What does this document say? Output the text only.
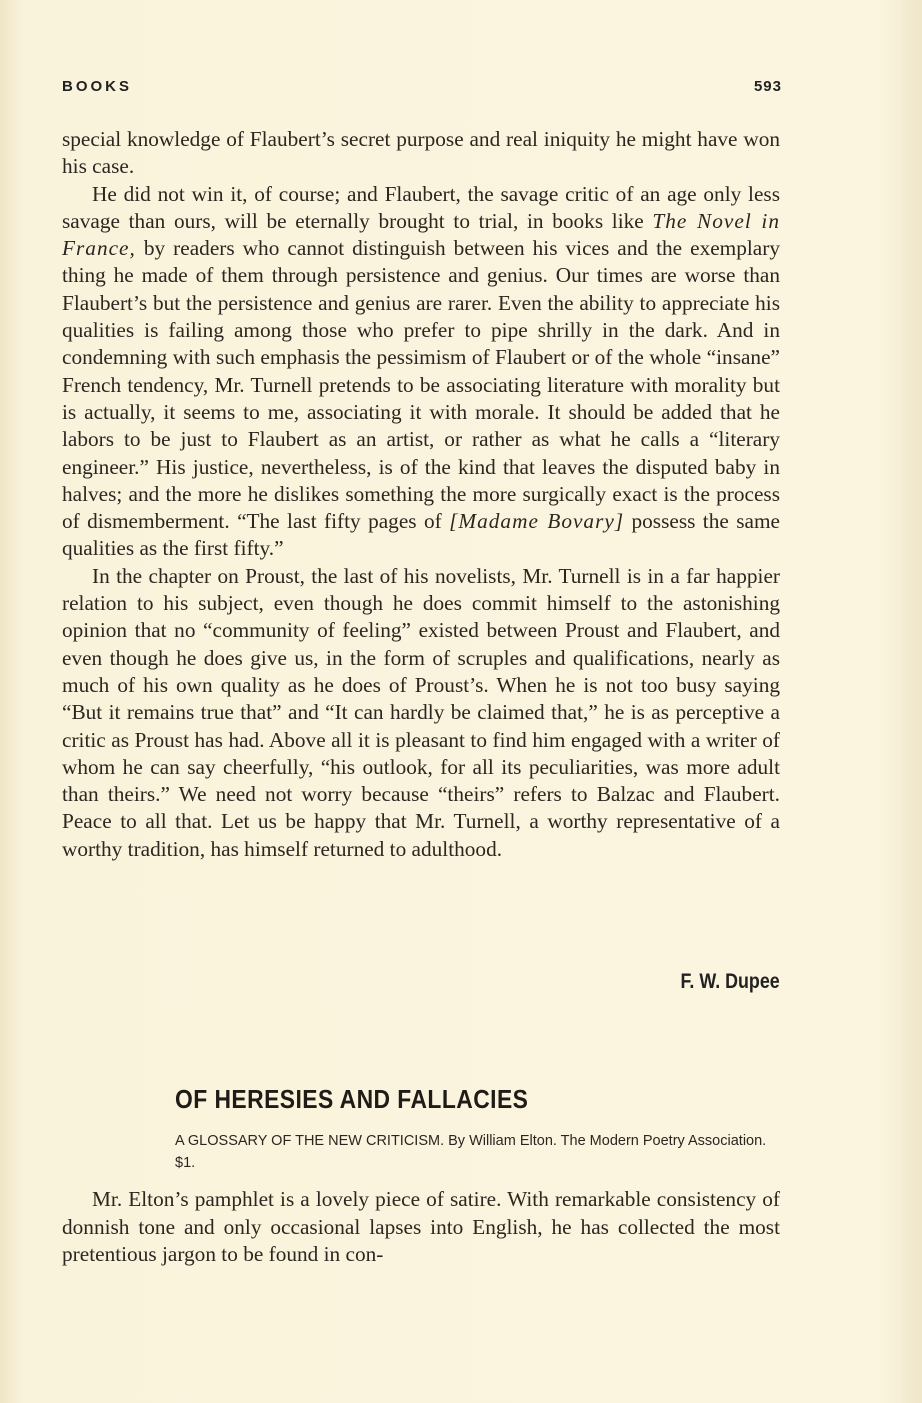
BOOKS	593

special knowledge of Flaubert’s secret purpose and real iniquity he might have won his case.

He did not win it, of course; and Flaubert, the savage critic of an age only less savage than ours, will be eternally brought to trial, in books like The Novel in France, by readers who cannot distinguish between his vices and the exemplary thing he made of them through persistence and genius. Our times are worse than Flaubert’s but the persistence and genius are rarer. Even the ability to appreciate his qualities is failing among those who prefer to pipe shrilly in the dark. And in condemning with such emphasis the pessimism of Flaubert or of the whole “insane” French tendency, Mr. Turnell pretends to be associating literature with morality but is actually, it seems to me, associating it with morale. It should be added that he labors to be just to Flaubert as an artist, or rather as what he calls a “literary engineer.” His justice, nevertheless, is of the kind that leaves the disputed baby in halves; and the more he dislikes something the more surgically exact is the process of dismemberment. “The last fifty pages of [Madame Bovary] possess the same qualities as the first fifty.”

In the chapter on Proust, the last of his novelists, Mr. Turnell is in a far happier relation to his subject, even though he does commit himself to the astonishing opinion that no “community of feeling” existed between Proust and Flaubert, and even though he does give us, in the form of scruples and qualifications, nearly as much of his own quality as he does of Proust’s. When he is not too busy saying “But it remains true that” and “It can hardly be claimed that,” he is as perceptive a critic as Proust has had. Above all it is pleasant to find him engaged with a writer of whom he can say cheerfully, “his outlook, for all its peculiarities, was more adult than theirs.” We need not worry because “theirs” refers to Balzac and Flaubert. Peace to all that. Let us be happy that Mr. Turnell, a worthy representative of a worthy tradition, has himself returned to adulthood.

F. W. Dupee
OF HERESIES AND FALLACIES
A GLOSSARY OF THE NEW CRITICISM. By William Elton. The Modern Poetry Association. $1.

Mr. Elton’s pamphlet is a lovely piece of satire. With remarkable consistency of donnish tone and only occasional lapses into English, he has collected the most pretentious jargon to be found in con-
